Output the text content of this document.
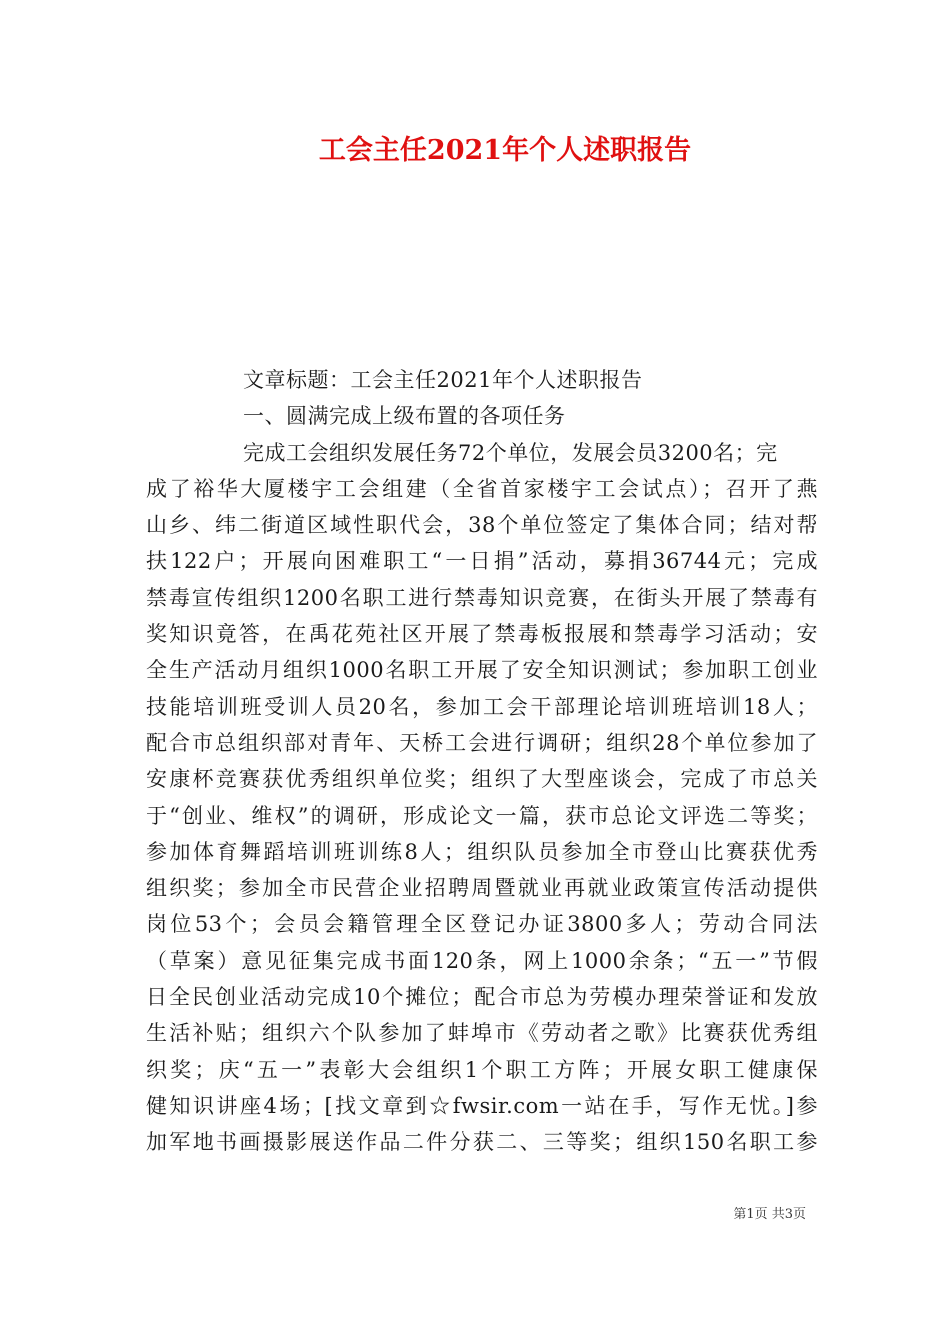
工会主任2021年个人述职报告
文章标题：工会主任2021年个人述职报告
一、圆满完成上级布置的各项任务
完成工会组织发展任务72个单位，发展会员3200名；完
成了裕华大厦楼宇工会组建（全省首家楼宇工会试点）；召开了燕
山乡、纬二街道区域性职代会，38个单位签定了集体合同；结对帮
扶122户；开展向困难职工“一日捐”活动，募捐36744元；完成
禁毒宣传组织1200名职工进行禁毒知识竞赛，在街头开展了禁毒有
奖知识竟答，在禹花苑社区开展了禁毒板报展和禁毒学习活动；安
全生产活动月组织1000名职工开展了安全知识测试；参加职工创业
技能培训班受训人员20名，参加工会干部理论培训班培训18人；
配合市总组织部对青年、天桥工会进行调研；组织28个单位参加了
安康杯竞赛获优秀组织单位奖；组织了大型座谈会，完成了市总关
于“创业、维权”的调研，形成论文一篇，获市总论文评选二等奖；
参加体育舞蹈培训班训练8人；组织队员参加全市登山比赛获优秀
组织奖；参加全市民营企业招聘周暨就业再就业政策宣传活动提供
岗位53个；会员会籍管理全区登记办证3800多人；劳动合同法
（草案）意见征集完成书面120条，网上1000余条；“五一”节假
日全民创业活动完成10个摊位；配合市总为劳模办理荣誉证和发放
生活补贴；组织六个队参加了蚌埠市《劳动者之歌》比赛获优秀组
织奖；庆“五一”表彰大会组织1个职工方阵；开展女职工健康保
健知识讲座4场；[找文章到☆fwsir.com一站在手，写作无忧。]参
加军地书画摄影展送作品二件分获二、三等奖；组织150名职工参
第1页 共3页
